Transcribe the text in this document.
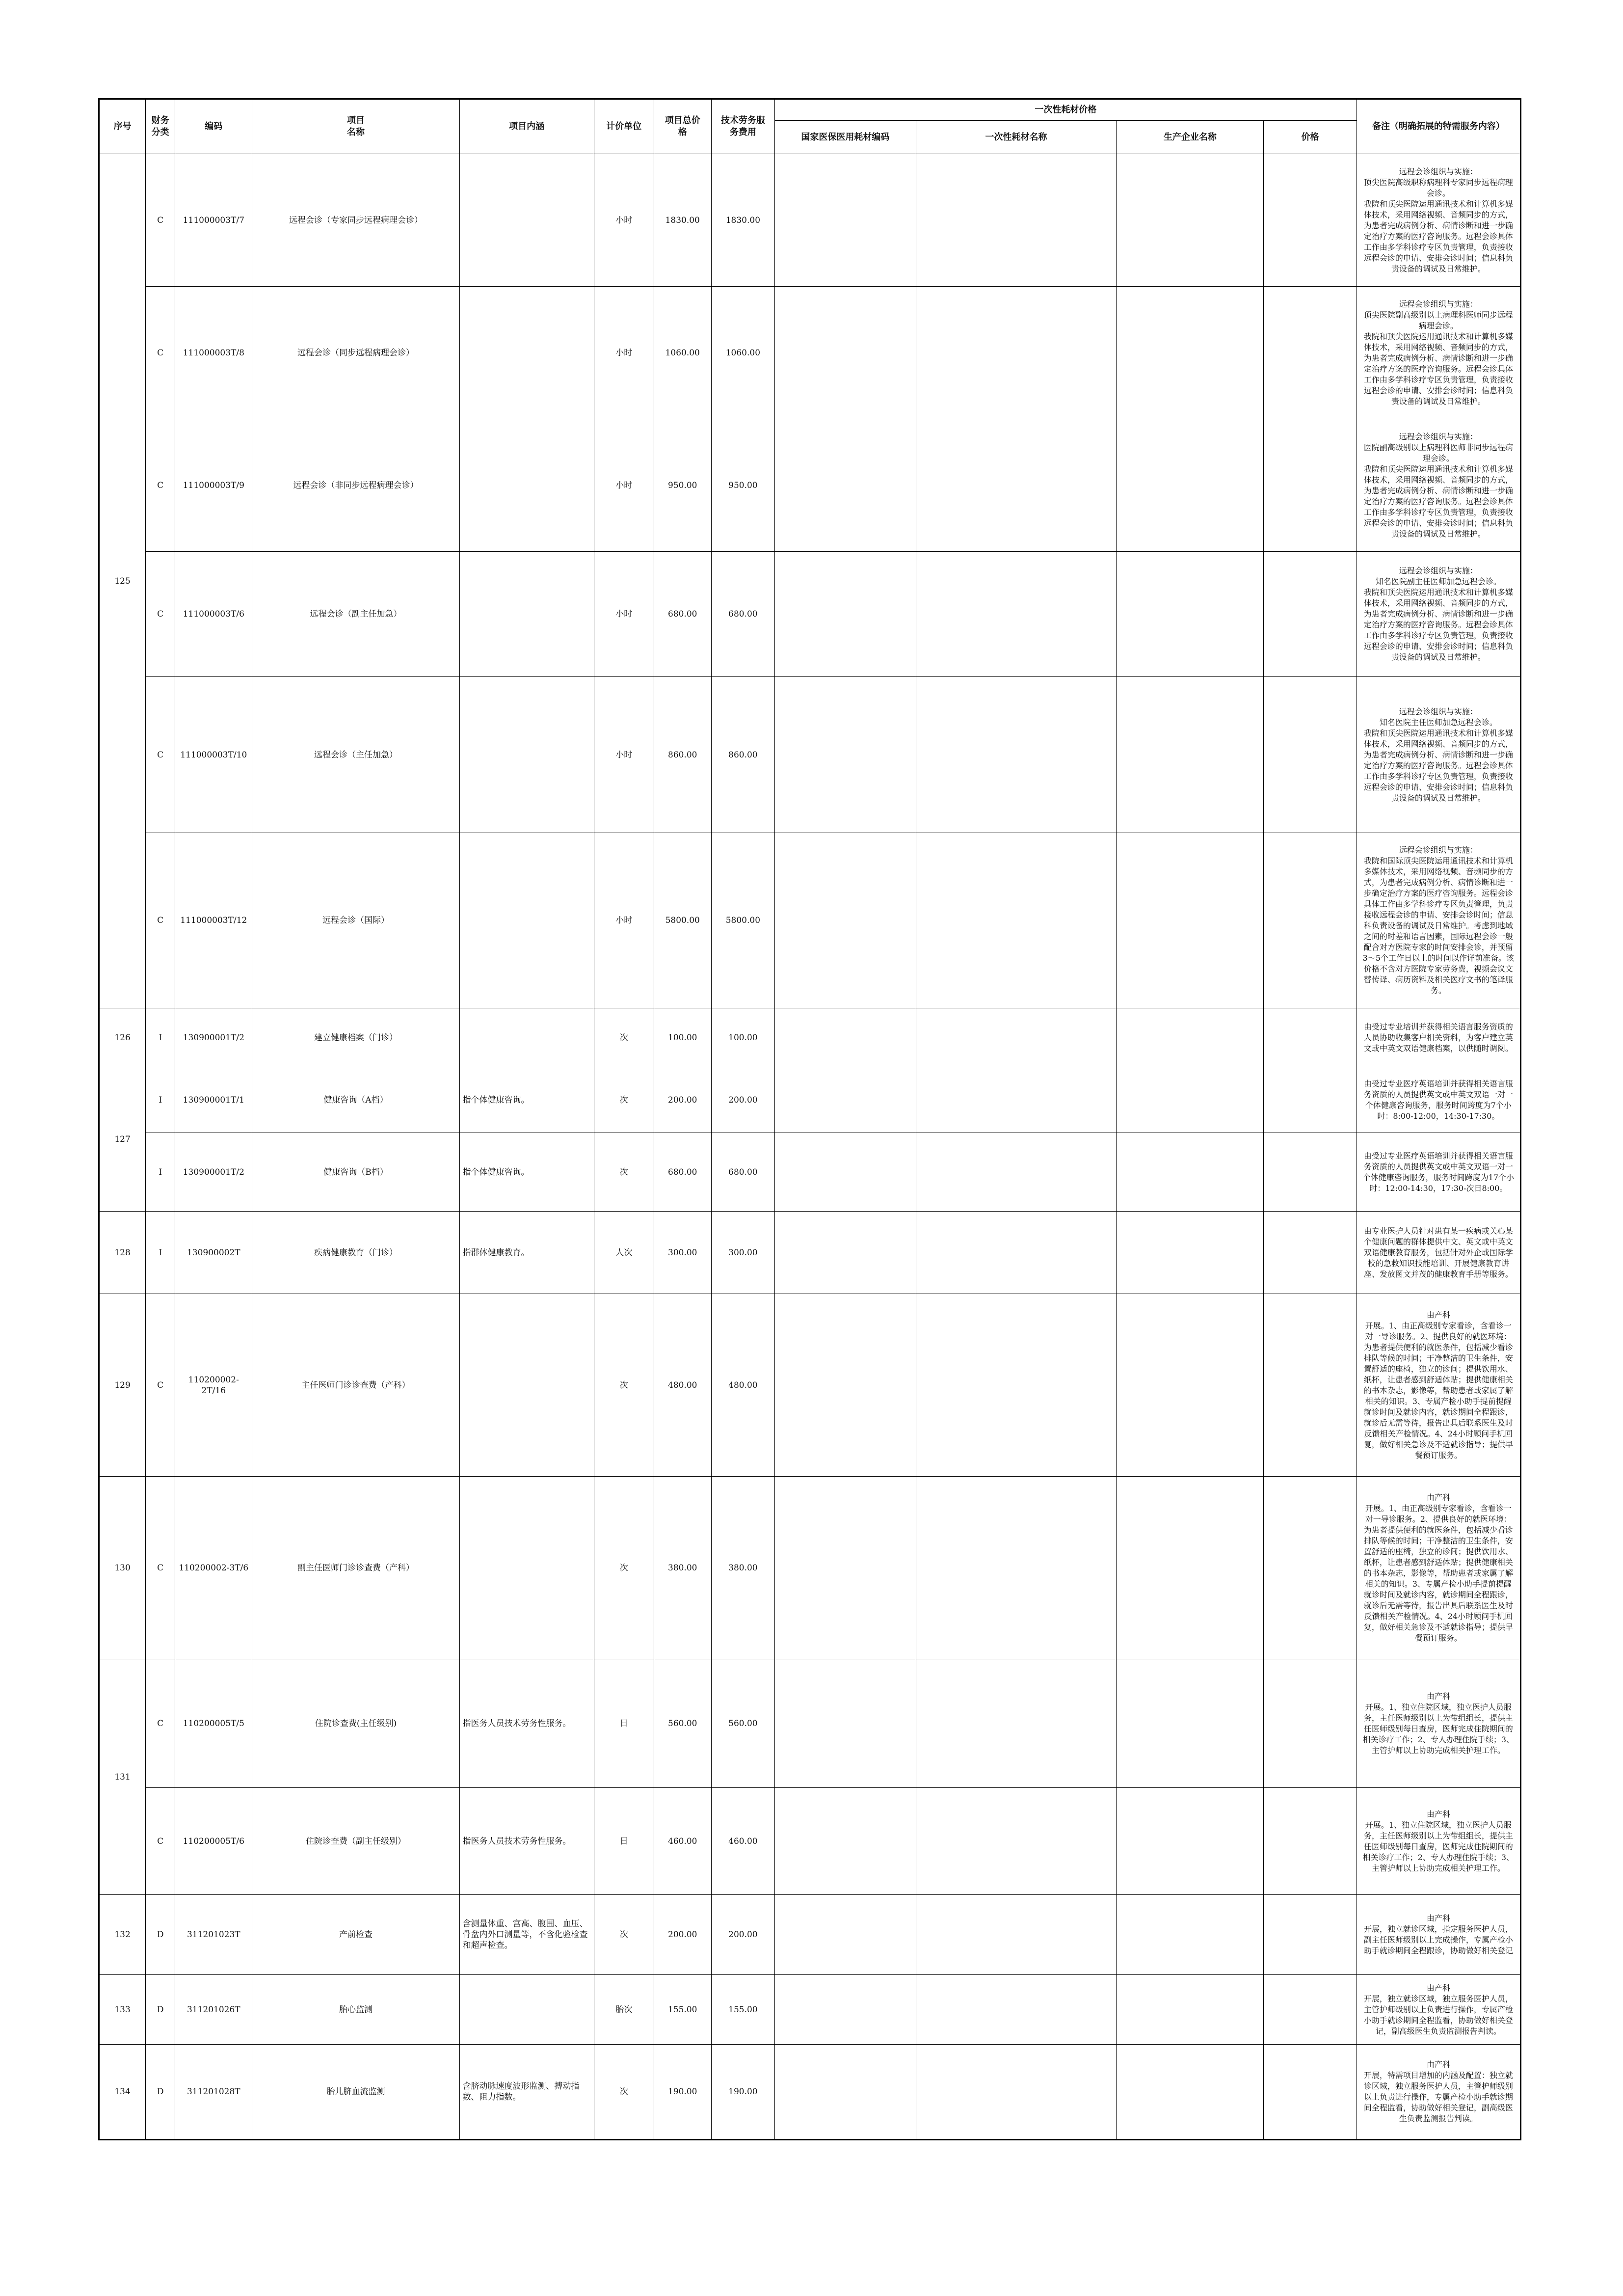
序号	财务
分类	编码	项目
名称	项目内涵	计价单位	项目总价
格	技术劳务服
务费用	一次性耗材价格				备注（明确拓展的特需服务内容）
								国家医保医用耗材编码	一次性耗材名称	生产企业名称	价格	
125	C	111000003T/7	远程会诊（专家同步远程病理会诊）		小时	1830.00	1830.00					远程会诊组织与实施：
顶尖医院高级职称病理科专家同步远程病理会诊。
我院和顶尖医院运用通讯技术和计算机多媒体技术，采用网络视频、音频同步的方式，为患者完成病例分析、病情诊断和进一步确定治疗方案的医疗咨询服务。远程会诊具体工作由多学科诊疗专区负责管理，负责接收远程会诊的申请、安排会诊时间；信息科负责设备的调试及日常维护。
	C	111000003T/8	远程会诊（同步远程病理会诊）		小时	1060.00	1060.00					远程会诊组织与实施：
顶尖医院副高级别以上病理科医师同步远程病理会诊。
我院和顶尖医院运用通讯技术和计算机多媒体技术，采用网络视频、音频同步的方式，为患者完成病例分析、病情诊断和进一步确定治疗方案的医疗咨询服务。远程会诊具体工作由多学科诊疗专区负责管理，负责接收远程会诊的申请、安排会诊时间；信息科负责设备的调试及日常维护。
	C	111000003T/9	远程会诊（非同步远程病理会诊）		小时	950.00	950.00					远程会诊组织与实施：
医院副高级别以上病理科医师非同步远程病理会诊。
我院和顶尖医院运用通讯技术和计算机多媒体技术，采用网络视频、音频同步的方式，为患者完成病例分析、病情诊断和进一步确定治疗方案的医疗咨询服务。远程会诊具体工作由多学科诊疗专区负责管理，负责接收远程会诊的申请、安排会诊时间；信息科负责设备的调试及日常维护。
	C	111000003T/6	远程会诊（副主任加急）		小时	680.00	680.00					远程会诊组织与实施：
知名医院副主任医师加急远程会诊。
我院和顶尖医院运用通讯技术和计算机多媒体技术，采用网络视频、音频同步的方式，为患者完成病例分析、病情诊断和进一步确定治疗方案的医疗咨询服务。远程会诊具体工作由多学科诊疗专区负责管理，负责接收远程会诊的申请、安排会诊时间；信息科负责设备的调试及日常维护。
	C	111000003T/10	远程会诊（主任加急）		小时	860.00	860.00					远程会诊组织与实施：
知名医院主任医师加急远程会诊。
我院和顶尖医院运用通讯技术和计算机多媒体技术，采用网络视频、音频同步的方式，为患者完成病例分析、病情诊断和进一步确定治疗方案的医疗咨询服务。远程会诊具体工作由多学科诊疗专区负责管理，负责接收远程会诊的申请、安排会诊时间；信息科负责设备的调试及日常维护。
	C	111000003T/12	远程会诊（国际）		小时	5800.00	5800.00					远程会诊组织与实施：
我院和国际顶尖医院运用通讯技术和计算机多媒体技术，采用网络视频、音频同步的方式，为患者完成病例分析、病情诊断和进一步确定治疗方案的医疗咨询服务。远程会诊具体工作由多学科诊疗专区负责管理，负责接收远程会诊的申请、安排会诊时间；信息科负责设备的调试及日常维护。考虑到地域之间的时差和语言因素，国际远程会诊一般配合对方医院专家的时间安排会诊，并预留3～5个工作日以上的时间以作详前准备。该价格不含对方医院专家劳务费，视频会议文替传译、病历资料及相关医疗文书的笔译服务。
126	I	130900001T/2	建立健康档案（门诊）		次	100.00	100.00					由受过专业培训并获得相关语言服务资质的人员协助收集客户相关资料，为客户建立英文或中英文双语健康档案，以供随时调阅。
127	I	130900001T/1	健康咨询（A档）	指个体健康咨询。	次	200.00	200.00					由受过专业医疗英语培训并获得相关语言服务资质的人员提供英文或中英文双语一对一个体健康咨询服务，服务时间跨度为7个小时：8:00-12:00，14:30-17:30。
	I	130900001T/2	健康咨询（B档）	指个体健康咨询。	次	680.00	680.00					由受过专业医疗英语培训并获得相关语言服务资质的人员提供英文或中英文双语一对一个体健康咨询服务，服务时间跨度为17个小时：12:00-14:30，17:30-次日8:00。
128	I	130900002T	疾病健康教育（门诊）	指群体健康教育。	人次	300.00	300.00					由专业医护人员针对患有某一疾病或关心某个健康问题的群体提供中文、英文或中英文双语健康教育服务，包括针对外企或国际学校的急救知识技能培训、开展健康教育讲座、发放图文并茂的健康教育手册等服务。
129	C	110200002-
2T/16	主任医师门诊诊查费（产科）		次	480.00	480.00					由产科
开展。1、由正高级别专家看诊，含看诊一对一导诊服务。2、提供良好的就医环境：为患者提供便利的就医条件，包括减少看诊排队等候的时间；干净整洁的卫生条件，安置舒适的座椅，独立的诊间；提供饮用水、纸杯，让患者感到舒适体贴；提供健康相关的书本杂志，影像等，帮助患者或家属了解相关的知识。3、专属产检小助手提前提醒就诊时间及就诊内容，就诊期间全程跟诊，就诊后无需等待，报告出具后联系医生及时反馈相关产检情况。4、24小时顾问手机回复，做好相关急诊及不适就诊指导；提供早餐预订服务。
130	C	110200002-3T/6	副主任医师门诊诊查费（产科）		次	380.00	380.00					由产科
开展。1、由正高级别专家看诊，含看诊一对一导诊服务。2、提供良好的就医环境：为患者提供便利的就医条件，包括减少看诊排队等候的时间；干净整洁的卫生条件，安置舒适的座椅，独立的诊间；提供饮用水、纸杯，让患者感到舒适体贴；提供健康相关的书本杂志，影像等，帮助患者或家属了解相关的知识。3、专属产检小助手提前提醒就诊时间及就诊内容，就诊期间全程跟诊，就诊后无需等待，报告出具后联系医生及时反馈相关产检情况。4、24小时顾问手机回复，做好相关急诊及不适就诊指导；提供早餐预订服务。
131	C	110200005T/5	住院诊查费(主任级别)	指医务人员技术劳务性服务。	日	560.00	560.00					由产科
开展。1、独立住院区域，独立医护人员服务，主任医师级别以上为带组组长，提供主任医师级别每日查房，医师完成住院期间的相关诊疗工作；2、专人办理住院手续；3、主管护师以上协助完成相关护理工作。
	C	110200005T/6	住院诊查费（副主任级别）	指医务人员技术劳务性服务。	日	460.00	460.00					由产科
开展。1、独立住院区域，独立医护人员服务，主任医师级别以上为带组组长，提供主任医师级别每日查房，医师完成住院期间的相关诊疗工作；2、专人办理住院手续；3、主管护师以上协助完成相关护理工作。
132	D	311201023T	产前检查	含测量体重、宫高、腹围、血压、骨盆内外口测量等，不含化验检查和超声检查。	次	200.00	200.00					由产科
开展，独立就诊区域，指定服务医护人员，副主任医师级别以上完成操作，专属产检小助手就诊期间全程跟诊，协助做好相关登记
133	D	311201026T	胎心监测		胎次	155.00	155.00					由产科
开展，独立就诊区域，独立服务医护人员，主管护师级别以上负责进行操作，专属产检小助手就诊期间全程监看，协助做好相关登记，副高级医生负责监测报告判读。
134	D	311201028T	胎儿脐血流监测	含脐动脉速度波形监测、搏动指数、阻力指数。	次	190.00	190.00					由产科
开展，特需项目增加的内涵及配置：独立就诊区域，独立服务医护人员，主管护师级别以上负责进行操作，专属产检小助手就诊期间全程监看，协助做好相关登记，副高级医生负责监测报告判读。
